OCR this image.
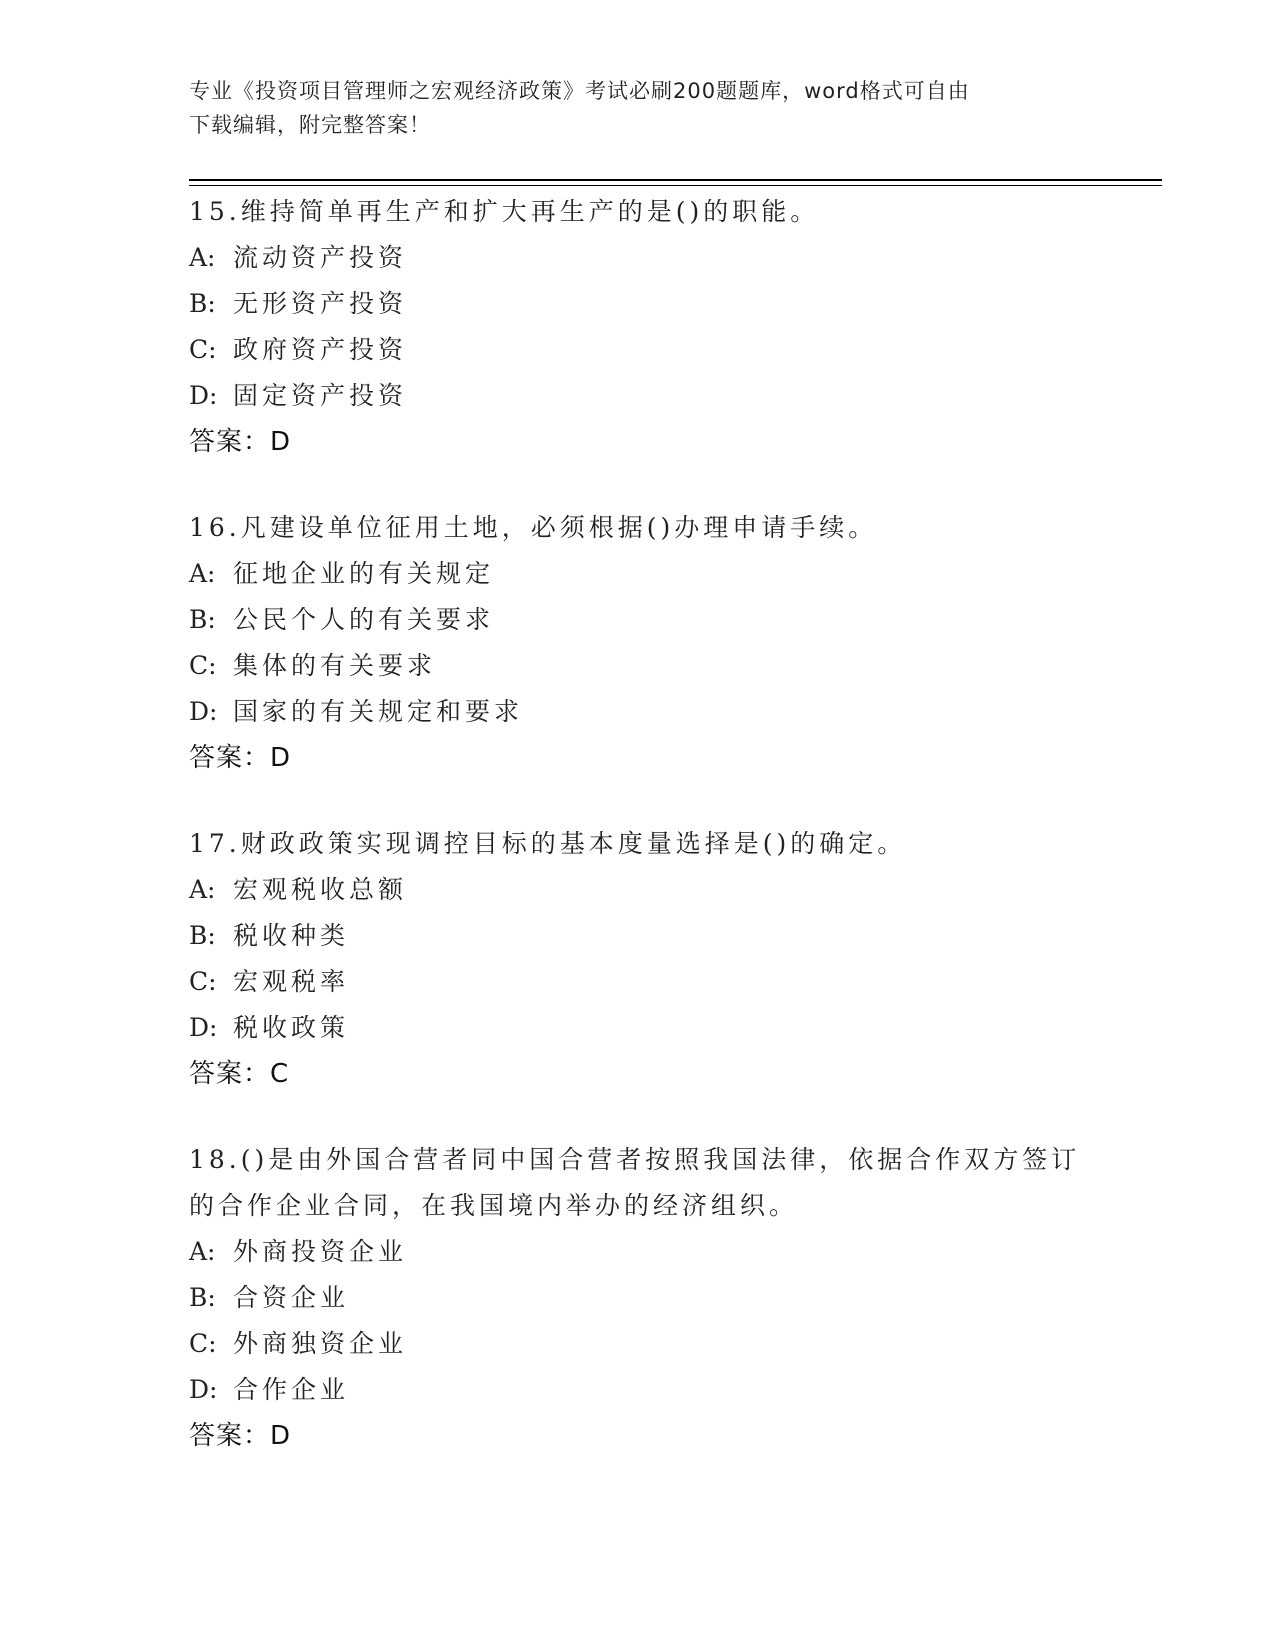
专业《投资项目管理师之宏观经济政策》考试必刷200题题库，word格式可自由
下载编辑，附完整答案！
15.维持简单再生产和扩大再生产的是()的职能。
A: 流动资产投资
B: 无形资产投资
C: 政府资产投资
D: 固定资产投资
答案：D
16.凡建设单位征用土地，必须根据()办理申请手续。
A: 征地企业的有关规定
B: 公民个人的有关要求
C: 集体的有关要求
D: 国家的有关规定和要求
答案：D
17.财政政策实现调控目标的基本度量选择是()的确定。
A: 宏观税收总额
B: 税收种类
C: 宏观税率
D: 税收政策
答案：C
18.()是由外国合营者同中国合营者按照我国法律，依据合作双方签订的合作企业合同，在我国境内举办的经济组织。
A: 外商投资企业
B: 合资企业
C: 外商独资企业
D: 合作企业
答案：D
